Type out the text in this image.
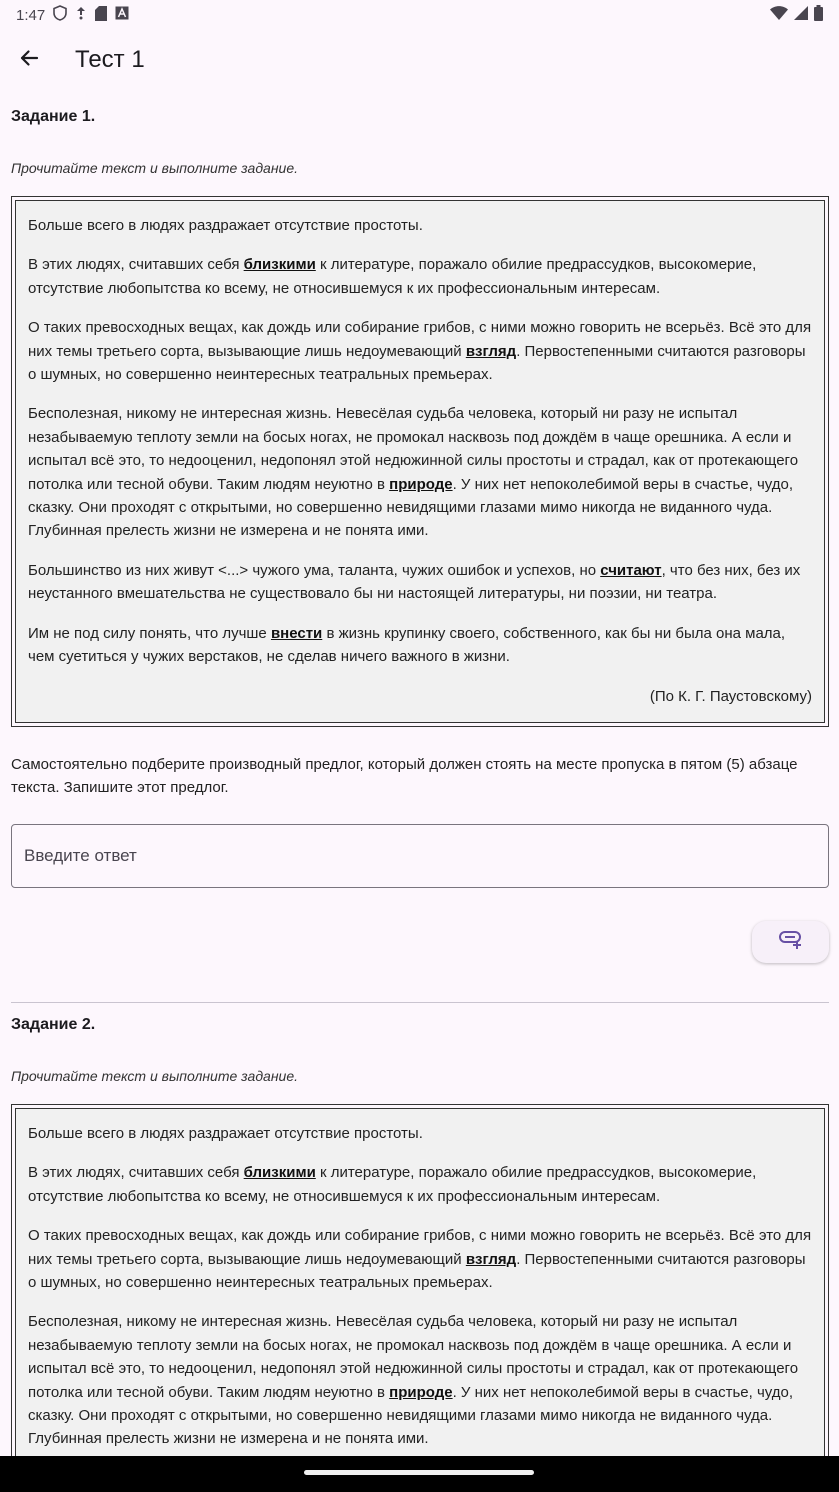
1:47
Тест 1
Задание 1.
Прочитайте текст и выполните задание.

Больше всего в людях раздражает отсутствие простоты.

В этих людях, считавших себя близкими к литературе, поражало обилие предрассудков, высокомерие, отсутствие любопытства ко всему, не относившемуся к их профессиональным интересам.

О таких превосходных вещах, как дождь или собирание грибов, с ними можно говорить не всерьёз. Всё это для них темы третьего сорта, вызывающие лишь недоумевающий взгляд. Первостепенными считаются разговоры о шумных, но совершенно неинтересных театральных премьерах.

Бесполезная, никому не интересная жизнь. Невесёлая судьба человека, который ни разу не испытал незабываемую теплоту земли на босых ногах, не промокал насквозь под дождём в чаще орешника. А если и испытал всё это, то недооценил, недопонял этой недюжинной силы простоты и страдал, как от протекающего потолка или тесной обуви. Таким людям неуютно в природе. У них нет непоколебимой веры в счастье, чудо, сказку. Они проходят с открытыми, но совершенно невидящими глазами мимо никогда не виданного чуда. Глубинная прелесть жизни не измерена и не понята ими.

Большинство из них живут <...> чужого ума, таланта, чужих ошибок и успехов, но считают, что без них, без их неустанного вмешательства не существовало бы ни настоящей литературы, ни поэзии, ни театра.

Им не под силу понять, что лучше внести в жизнь крупинку своего, собственного, как бы ни была она мала, чем суетиться у чужих верстаков, не сделав ничего важного в жизни.

(По К. Г. Паустовскому)

Самостоятельно подберите производный предлог, который должен стоять на месте пропуска в пятом (5) абзаце текста. Запишите этот предлог.
Введите ответ
Задание 2.
Прочитайте текст и выполните задание.

Больше всего в людях раздражает отсутствие простоты.

В этих людях, считавших себя близкими к литературе, поражало обилие предрассудков, высокомерие, отсутствие любопытства ко всему, не относившемуся к их профессиональным интересам.

О таких превосходных вещах, как дождь или собирание грибов, с ними можно говорить не всерьёз. Всё это для них темы третьего сорта, вызывающие лишь недоумевающий взгляд. Первостепенными считаются разговоры о шумных, но совершенно неинтересных театральных премьерах.

Бесполезная, никому не интересная жизнь. Невесёлая судьба человека, который ни разу не испытал незабываемую теплоту земли на босых ногах, не промокал насквозь под дождём в чаще орешника. А если и испытал всё это, то недооценил, недопонял этой недюжинной силы простоты и страдал, как от протекающего потолка или тесной обуви. Таким людям неуютно в природе. У них нет непоколебимой веры в счастье, чудо, сказку. Они проходят с открытыми, но совершенно невидящими глазами мимо никогда не виданного чуда. Глубинная прелесть жизни не измерена и не понята ими.
